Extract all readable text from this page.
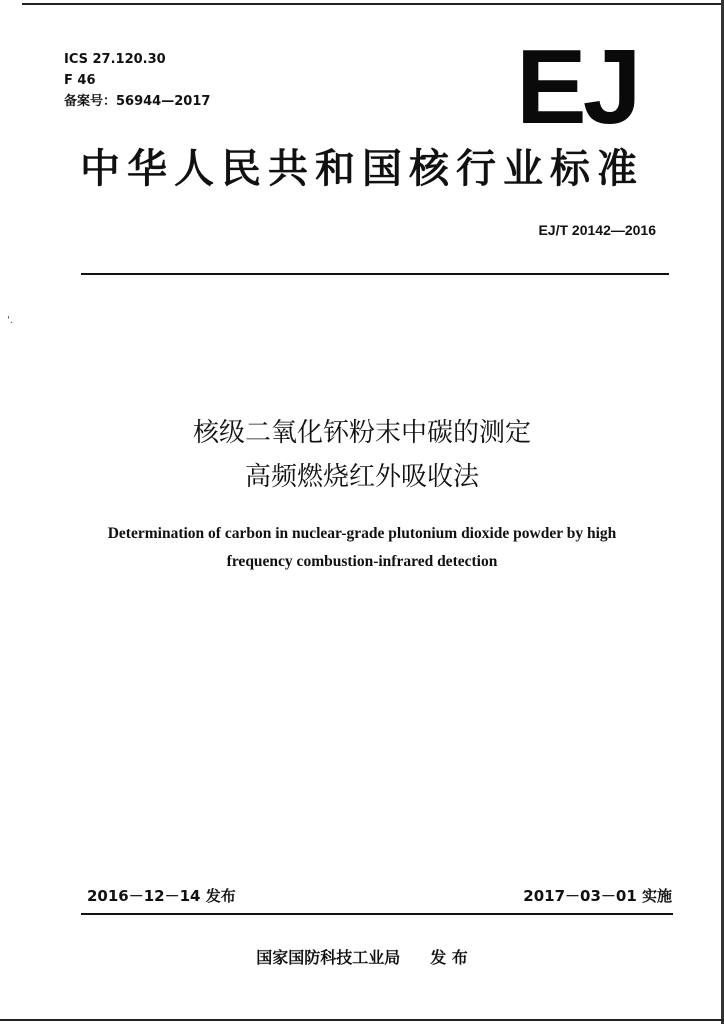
ICS 27.120.30
F 46
备案号：56944—2017	EJ
中华人民共和国核行业标准
EJ/T 20142—2016
'.
核级二氧化钚粉末中碳的测定
高频燃烧红外吸收法
Determination of carbon in nuclear-grade plutonium dioxide powder by high
frequency combustion-infrared detection
2016－12－14 发布	2017－03－01 实施
国家国防科技工业局 发 布
